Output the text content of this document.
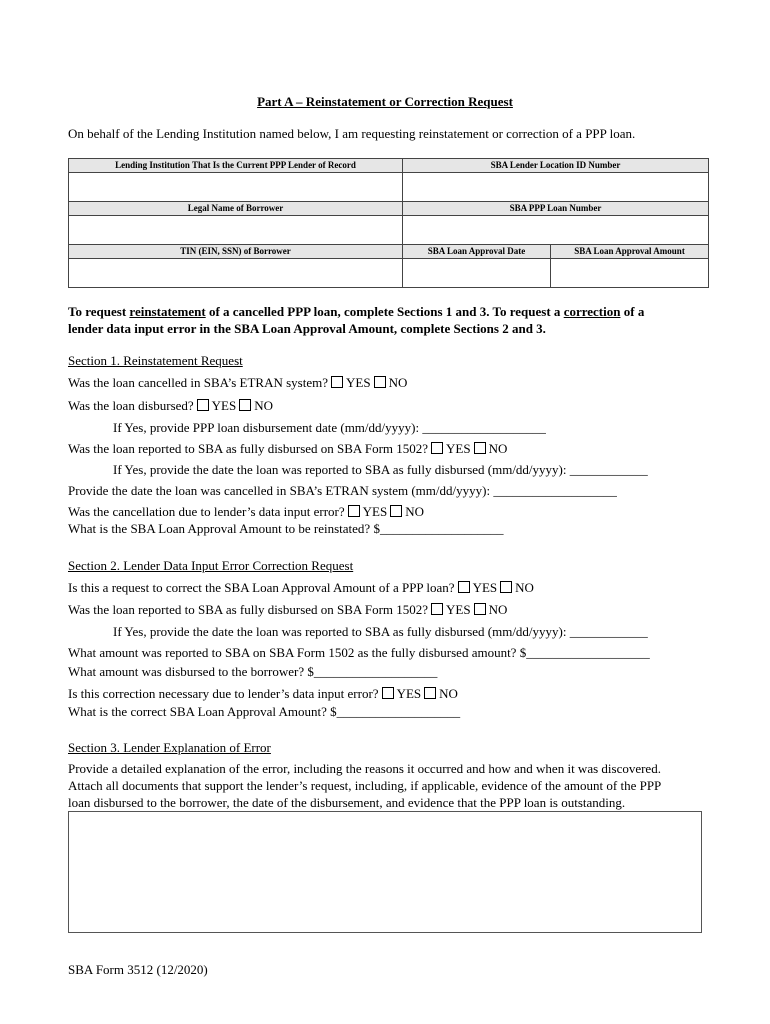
Part A – Reinstatement or Correction Request
On behalf of the Lending Institution named below, I am requesting reinstatement or correction of a PPP loan.
Lending Institution That Is the Current PPP Lender of Record	SBA Lender Location ID Number	

Legal Name of Borrower	SBA PPP Loan Number	

TIN (EIN, SSN) of Borrower	SBA Loan Approval Date	SBA Loan Approval Amount

To request reinstatement of a cancelled PPP loan, complete Sections 1 and 3. To request a correction of a
lender data input error in the SBA Loan Approval Amount, complete Sections 2 and 3.
Section 1. Reinstatement Request
Was the loan cancelled in SBA’s ETRAN system? YES NO
Was the loan disbursed? YES NO
If Yes, provide PPP loan disbursement date (mm/dd/yyyy): ___________________
Was the loan reported to SBA as fully disbursed on SBA Form 1502? YES NO
If Yes, provide the date the loan was reported to SBA as fully disbursed (mm/dd/yyyy): ____________
Provide the date the loan was cancelled in SBA’s ETRAN system (mm/dd/yyyy): ___________________
Was the cancellation due to lender’s data input error? YES NO
What is the SBA Loan Approval Amount to be reinstated? $___________________
Section 2. Lender Data Input Error Correction Request
Is this a request to correct the SBA Loan Approval Amount of a PPP loan? YES NO
Was the loan reported to SBA as fully disbursed on SBA Form 1502? YES NO
If Yes, provide the date the loan was reported to SBA as fully disbursed (mm/dd/yyyy): ____________
What amount was reported to SBA on SBA Form 1502 as the fully disbursed amount? $___________________
What amount was disbursed to the borrower? $___________________
Is this correction necessary due to lender’s data input error? YES NO
What is the correct SBA Loan Approval Amount? $___________________
Section 3. Lender Explanation of Error
Provide a detailed explanation of the error, including the reasons it occurred and how and when it was discovered.
Attach all documents that support the lender’s request, including, if applicable, evidence of the amount of the PPP
loan disbursed to the borrower, the date of the disbursement, and evidence that the PPP loan is outstanding.
SBA Form 3512 (12/2020)
